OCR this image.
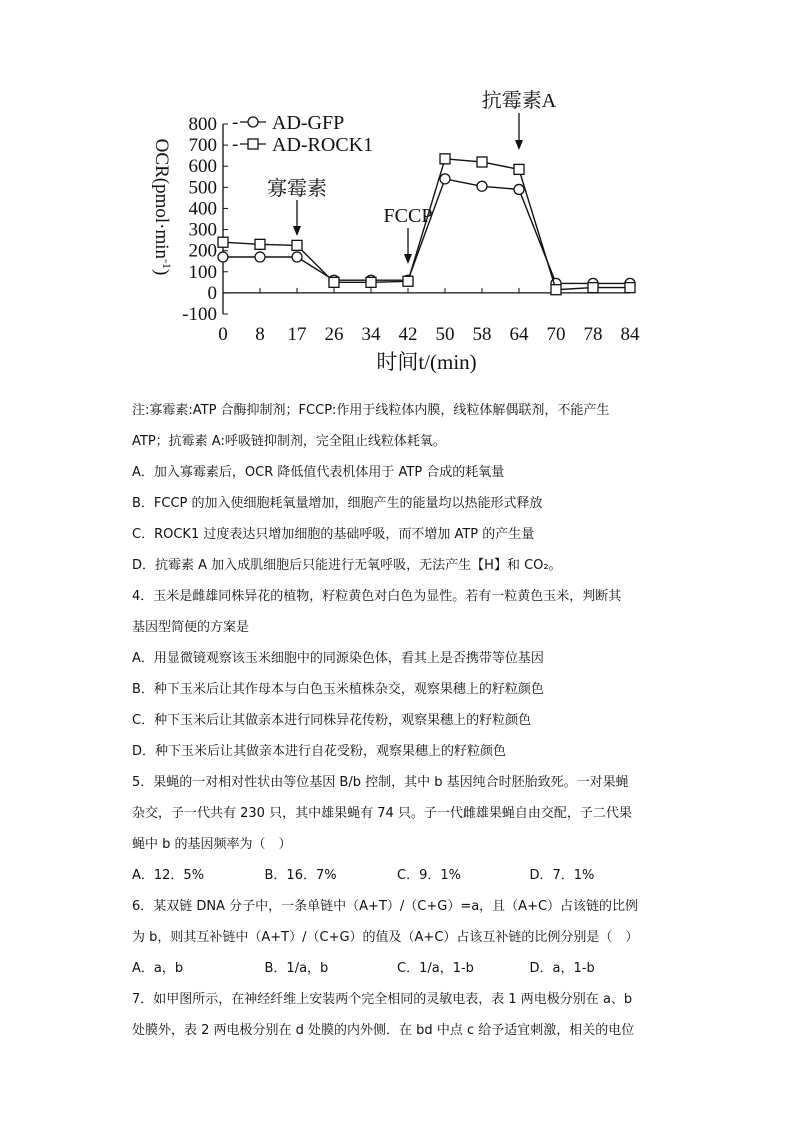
800
700
600
500
400
300
200
100
0
-100
0 8 17 26 34 42 50 58 64 70 78 84
时间t/(min)
$OCR(pmol\cdot\min^{-1})$
- AD-GFP
- AD-ROCK1
寡霉素
FCCP
抗霉素A
注:寡霉素:ATP 合酶抑制剂；FCCP:作用于线粒体内膜，线粒体解偶联剂，不能产生
ATP；抗霉素 A:呼吸链抑制剂，完全阻止线粒体耗氧。
A．加入寡霉素后，OCR 降低值代表机体用于 ATP 合成的耗氧量
B．FCCP 的加入使细胞耗氧量增加，细胞产生的能量均以热能形式释放
C．ROCK1 过度表达只增加细胞的基础呼吸，而不增加 ATP 的产生量
D．抗霉素 A 加入成肌细胞后只能进行无氧呼吸，无法产生【H】和 CO₂。
4．玉米是雌雄同株异花的植物，籽粒黄色对白色为显性。若有一粒黄色玉米，判断其
基因型简便的方案是
A．用显微镜观察该玉米细胞中的同源染色体，看其上是否携带等位基因
B．种下玉米后让其作母本与白色玉米植株杂交，观察果穗上的籽粒颜色
C．种下玉米后让其做亲本进行同株异花传粉，观察果穗上的籽粒颜色
D．种下玉米后让其做亲本进行自花受粉，观察果穗上的籽粒颜色
5．果蝇的一对相对性状由等位基因 B/b 控制，其中 b 基因纯合时胚胎致死。一对果蝇
杂交，子一代共有 230 只，其中雄果蝇有 74 只。子一代雌雄果蝇自由交配，子二代果
蝇中 b 的基因频率为（　）
A．12．5%	B．16．7%	C．9．1%	D．7．1%
6．某双链 DNA 分子中，一条单链中（A+T）/（C+G）=a，且（A+C）占该链的比例
为 b，则其互补链中（A+T）/（C+G）的值及（A+C）占该互补链的比例分别是（　）
A．a，b	B．1/a，b	C．1/a，1-b	D．a，1-b
7．如甲图所示，在神经纤维上安装两个完全相同的灵敏电表，表 1 两电极分别在 a、b
处膜外，表 2 两电极分别在 d 处膜的内外侧．在 bd 中点 c 给予适宜刺激，相关的电位
